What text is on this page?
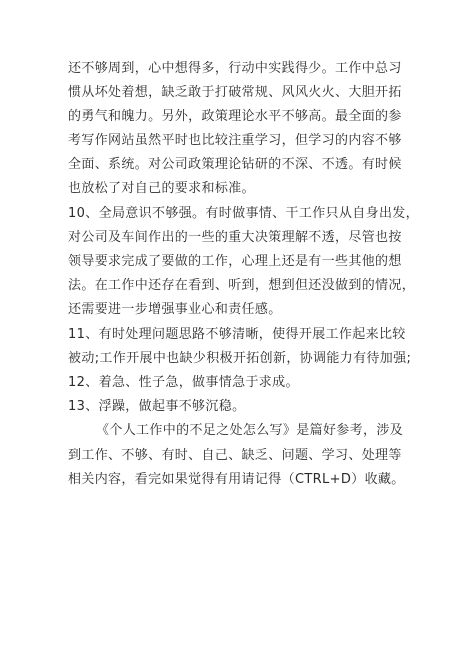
还不够周到，心中想得多，行动中实践得少。工作中总习
惯从坏处着想，缺乏敢于打破常规、风风火火、大胆开拓
的勇气和魄力。另外，政策理论水平不够高。最全面的参
考写作网站虽然平时也比较注重学习，但学习的内容不够
全面、系统。对公司政策理论钻研的不深、不透。有时候
也放松了对自己的要求和标准。
10、全局意识不够强。有时做事情、干工作只从自身出发，
对公司及车间作出的一些的重大决策理解不透，尽管也按
领导要求完成了要做的工作，心理上还是有一些其他的想
法。在工作中还存在看到、听到，想到但还没做到的情况，
还需要进一步增强事业心和责任感。
11、有时处理问题思路不够清晰，使得开展工作起来比较
被动;工作开展中也缺少积极开拓创新，协调能力有待加强;
12、着急、性子急，做事情急于求成。
13、浮躁，做起事不够沉稳。
《个人工作中的不足之处怎么写》是篇好参考，涉及
到工作、不够、有时、自己、缺乏、问题、学习、处理等
相关内容，看完如果觉得有用请记得（CTRL+D）收藏。
